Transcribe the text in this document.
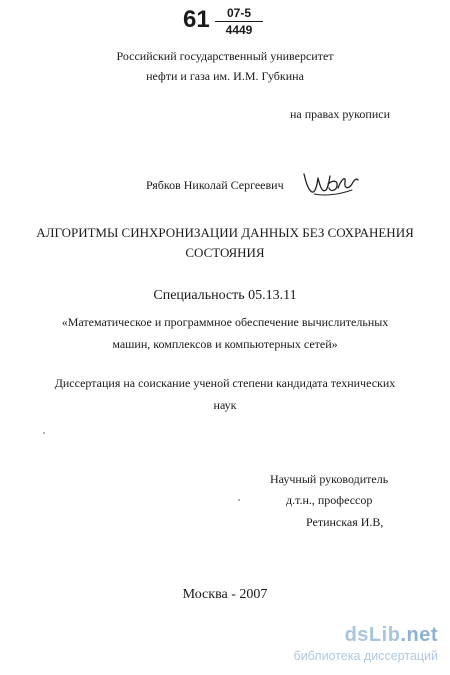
$61 \frac{07-5}{4449}$
Российский государственный университет
нефти и газа им. И.М. Губкина
на правах рукописи
Рябков Николай Сергеевич
АЛГОРИТМЫ СИНХРОНИЗАЦИИ ДАННЫХ БЕЗ СОХРАНЕНИЯ
СОСТОЯНИЯ
Специальность 05.13.11
«Математическое и программное обеспечение вычислительных
машин, комплексов и компьютерных сетей»
Диссертация на соискание ученой степени кандидата технических
наук
Научный руководитель
д.т.н., профессор
Ретинская И.В,
Москва - 2007
dsLib.net
библиотека диссертаций
